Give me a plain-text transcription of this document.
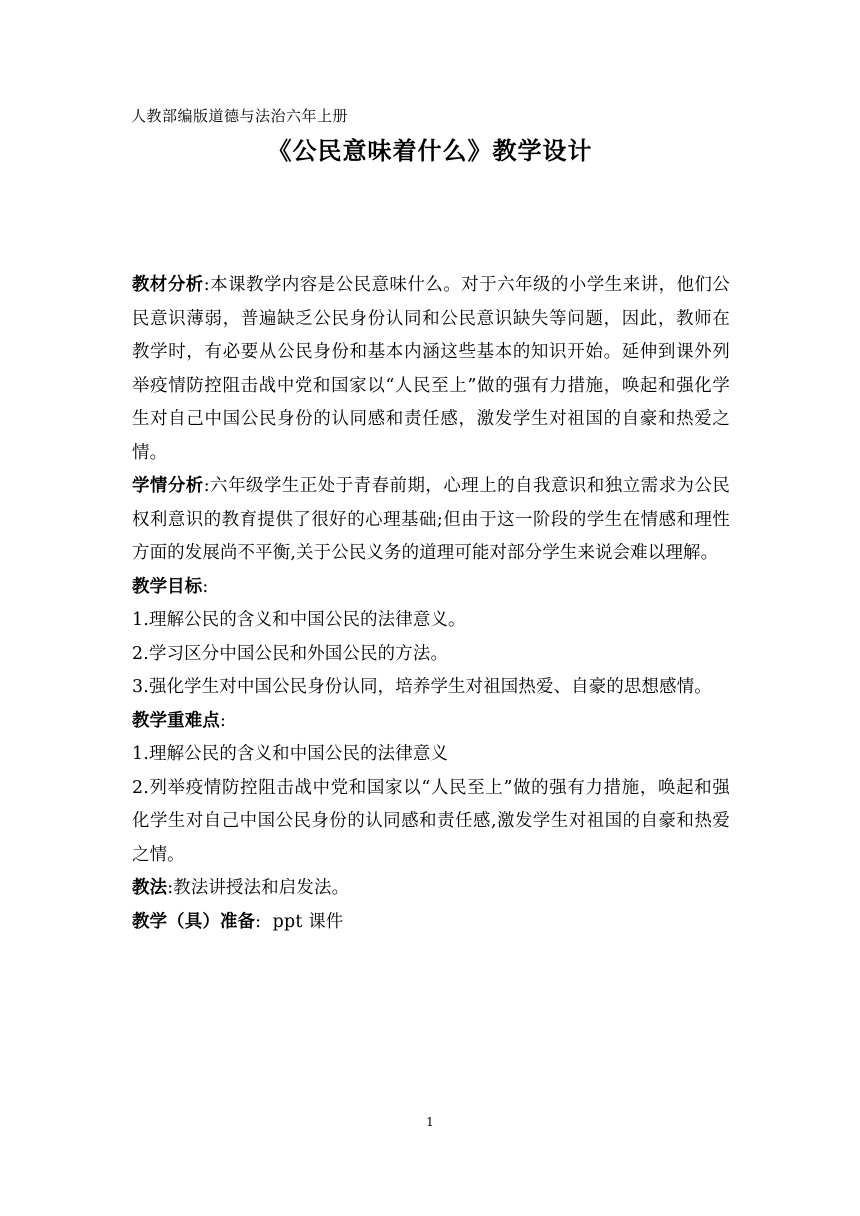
人教部编版道德与法治六年上册
《公民意味着什么》教学设计

教材分析:本课教学内容是公民意味什么。对于六年级的小学生来讲，他们公民意识薄弱，普遍缺乏公民身份认同和公民意识缺失等问题，因此，教师在教学时，有必要从公民身份和基本内涵这些基本的知识开始。延伸到课外列举疫情防控阻击战中党和国家以“人民至上”做的强有力措施，唤起和强化学生对自己中国公民身份的认同感和责任感，激发学生对祖国的自豪和热爱之情。

学情分析:六年级学生正处于青春前期，心理上的自我意识和独立需求为公民权利意识的教育提供了很好的心理基础;但由于这一阶段的学生在情感和理性方面的发展尚不平衡,关于公民义务的道理可能对部分学生来说会难以理解。

教学目标:

1.理解公民的含义和中国公民的法律意义。

2.学习区分中国公民和外国公民的方法。

3.强化学生对中国公民身份认同，培养学生对祖国热爱、自豪的思想感情。

教学重难点:

1.理解公民的含义和中国公民的法律意义

2.列举疫情防控阻击战中党和国家以“人民至上”做的强有力措施，唤起和强化学生对自己中国公民身份的认同感和责任感,激发学生对祖国的自豪和热爱之情。

教法:教法讲授法和启发法。

教学（具）准备:  ppt 课件

1
